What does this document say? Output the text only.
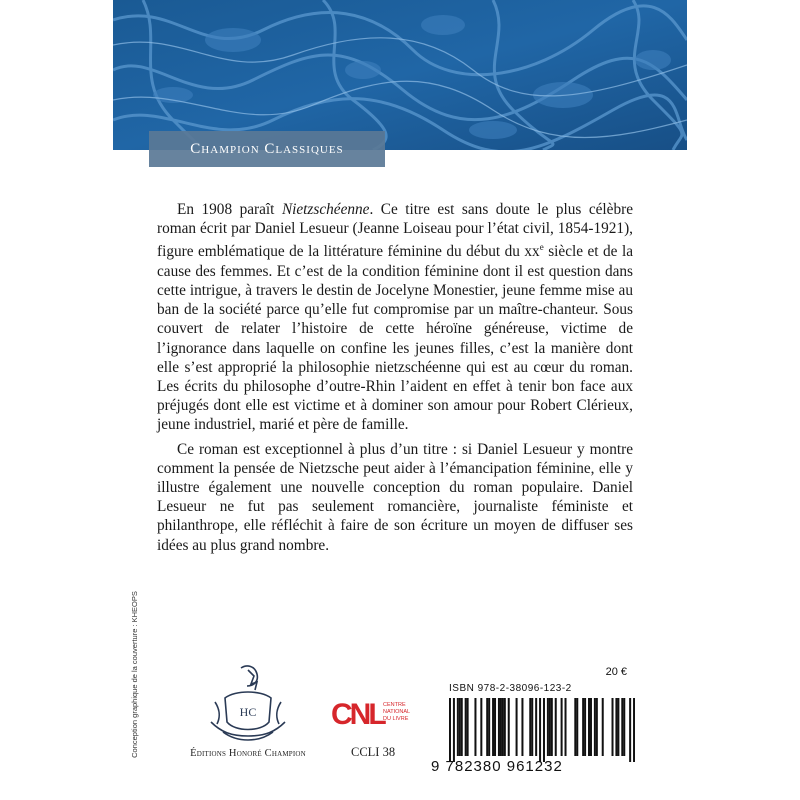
Champion Classiques

En 1908 paraît Nietzschéenne. Ce titre est sans doute le plus célèbre roman écrit par Daniel Lesueur (Jeanne Loiseau pour l’état civil, 1854-1921), figure emblématique de la littérature féminine du début du $xx^e$ siècle et de la cause des femmes. Et c’est de la condition féminine dont il est question dans cette intrigue, à travers le destin de Jocelyne Monestier, jeune femme mise au ban de la société parce qu’elle fut compromise par un maître-chanteur. Sous couvert de relater l’histoire de cette héroïne généreuse, victime de l’ignorance dans laquelle on confine les jeunes filles, c’est la manière dont elle s’est approprié la philosophie nietzschéenne qui est au cœur du roman. Les écrits du philosophe d’outre-Rhin l’aident en effet à tenir bon face aux préjugés dont elle est victime et à dominer son amour pour Robert Clérieux, jeune industriel, marié et père de famille.

Ce roman est exceptionnel à plus d’un titre : si Daniel Lesueur y montre comment la pensée de Nietzsche peut aider à l’émancipation féminine, elle y illustre également une nouvelle conception du roman populaire. Daniel Lesueur ne fut pas seulement romancière, journaliste féministe et philanthrope, elle réfléchit à faire de son écriture un moyen de diffuser ses idées au plus grand nombre.

Conception graphique de la couverture : KHEOPS	HC
Éditions Honoré Champion
CNL CENTRE
NATIONAL
DU LIVRE
CCLI 38
20 €
ISBN 978-2-38096-123-2
9 782380 961232
